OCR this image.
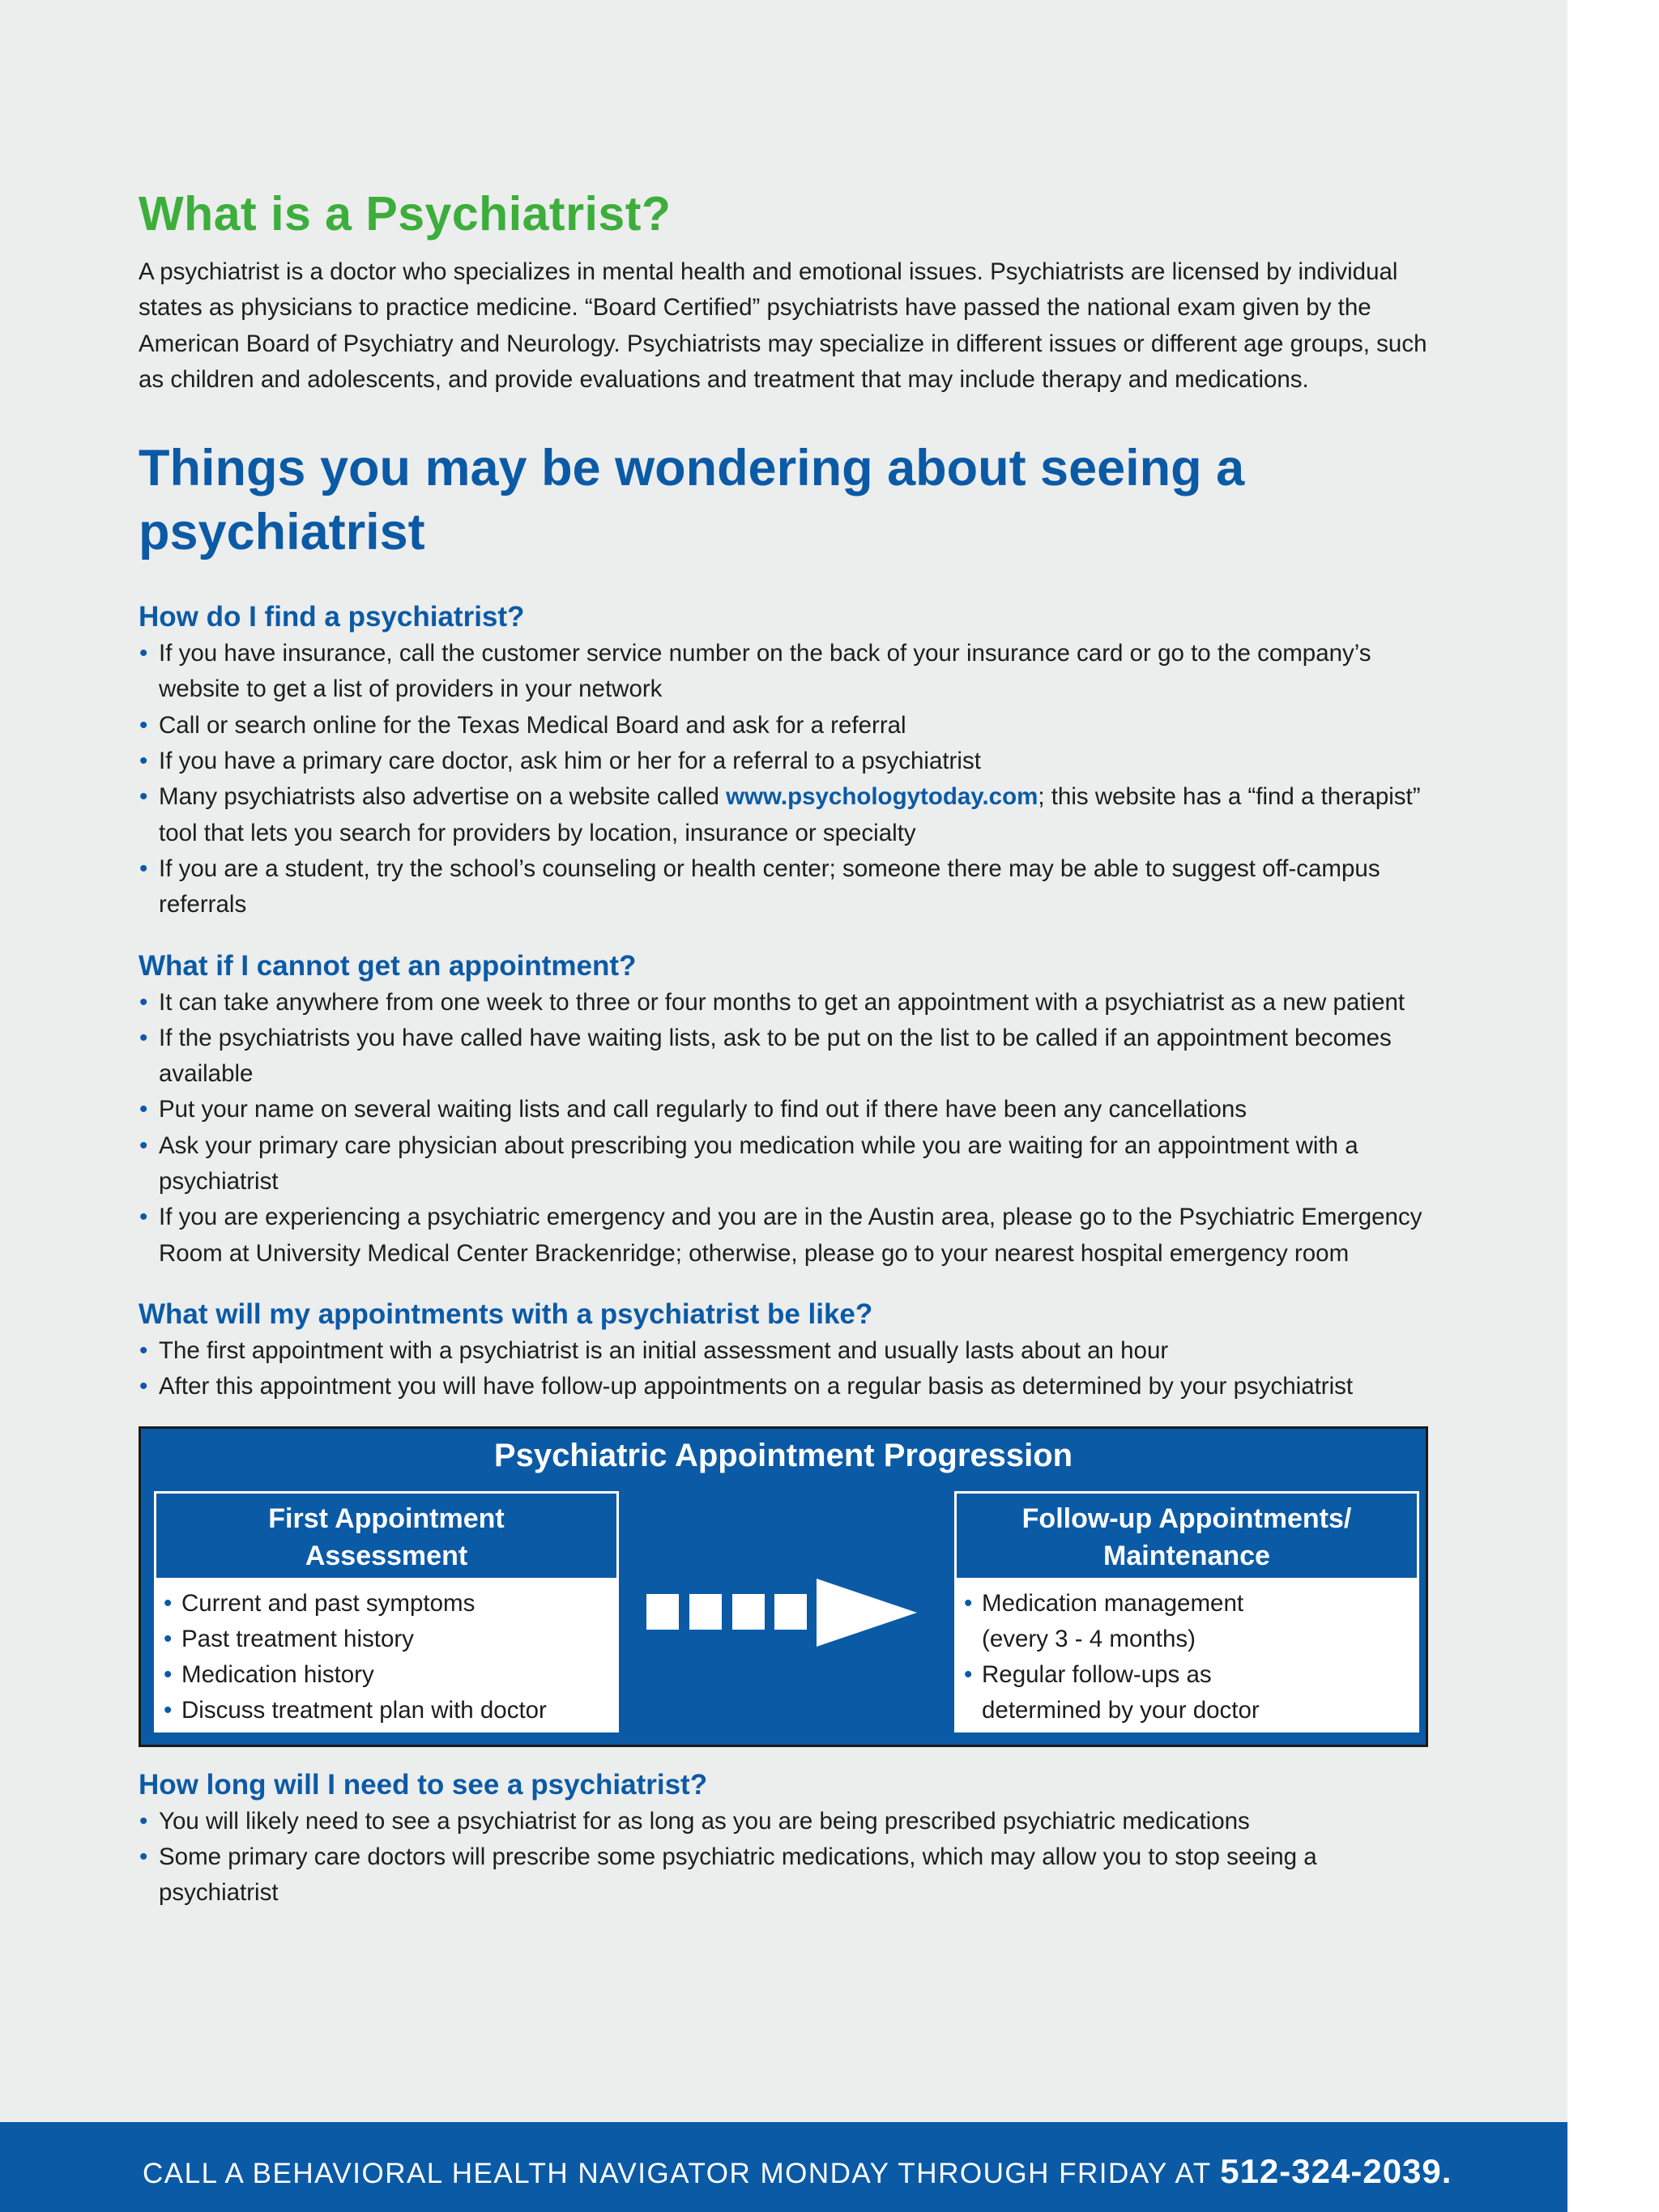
What is a Psychiatrist?

A psychiatrist is a doctor who specializes in mental health and emotional issues. Psychiatrists are licensed by individual states as physicians to practice medicine. “Board Certified” psychiatrists have passed the national exam given by the American Board of Psychiatry and Neurology. Psychiatrists may specialize in different issues or different age groups, such as children and adolescents, and provide evaluations and treatment that may include therapy and medications.

Things you may be wondering about seeing a psychiatrist
How do I find a psychiatrist?
• If you have insurance, call the customer service number on the back of your insurance card or go to the company’s website to get a list of providers in your network
• Call or search online for the Texas Medical Board and ask for a referral
• If you have a primary care doctor, ask him or her for a referral to a psychiatrist
• Many psychiatrists also advertise on a website called www.psychologytoday.com; this website has a “find a therapist” tool that lets you search for providers by location, insurance or specialty
• If you are a student, try the school’s counseling or health center; someone there may be able to suggest off-campus referrals
What if I cannot get an appointment?
• It can take anywhere from one week to three or four months to get an appointment with a psychiatrist as a new patient
• If the psychiatrists you have called have waiting lists, ask to be put on the list to be called if an appointment becomes available
• Put your name on several waiting lists and call regularly to find out if there have been any cancellations
• Ask your primary care physician about prescribing you medication while you are waiting for an appointment with a psychiatrist
• If you are experiencing a psychiatric emergency and you are in the Austin area, please go to the Psychiatric Emergency Room at University Medical Center Brackenridge; otherwise, please go to your nearest hospital emergency room
What will my appointments with a psychiatrist be like?
• The first appointment with a psychiatrist is an initial assessment and usually lasts about an hour
• After this appointment you will have follow-up appointments on a regular basis as determined by your psychiatrist
Psychiatric Appointment Progression
First Appointment
Assessment
• Current and past symptoms
• Past treatment history
• Medication history
• Discuss treatment plan with doctor
Follow-up Appointments/
Maintenance
• Medication management (every 3 - 4 months)
• Regular follow-ups as determined by your doctor
How long will I need to see a psychiatrist?
• You will likely need to see a psychiatrist for as long as you are being prescribed psychiatric medications
• Some primary care doctors will prescribe some psychiatric medications, which may allow you to stop seeing a psychiatrist
CALL A BEHAVIORAL HEALTH NAVIGATOR MONDAY THROUGH FRIDAY AT 512-324-2039.
